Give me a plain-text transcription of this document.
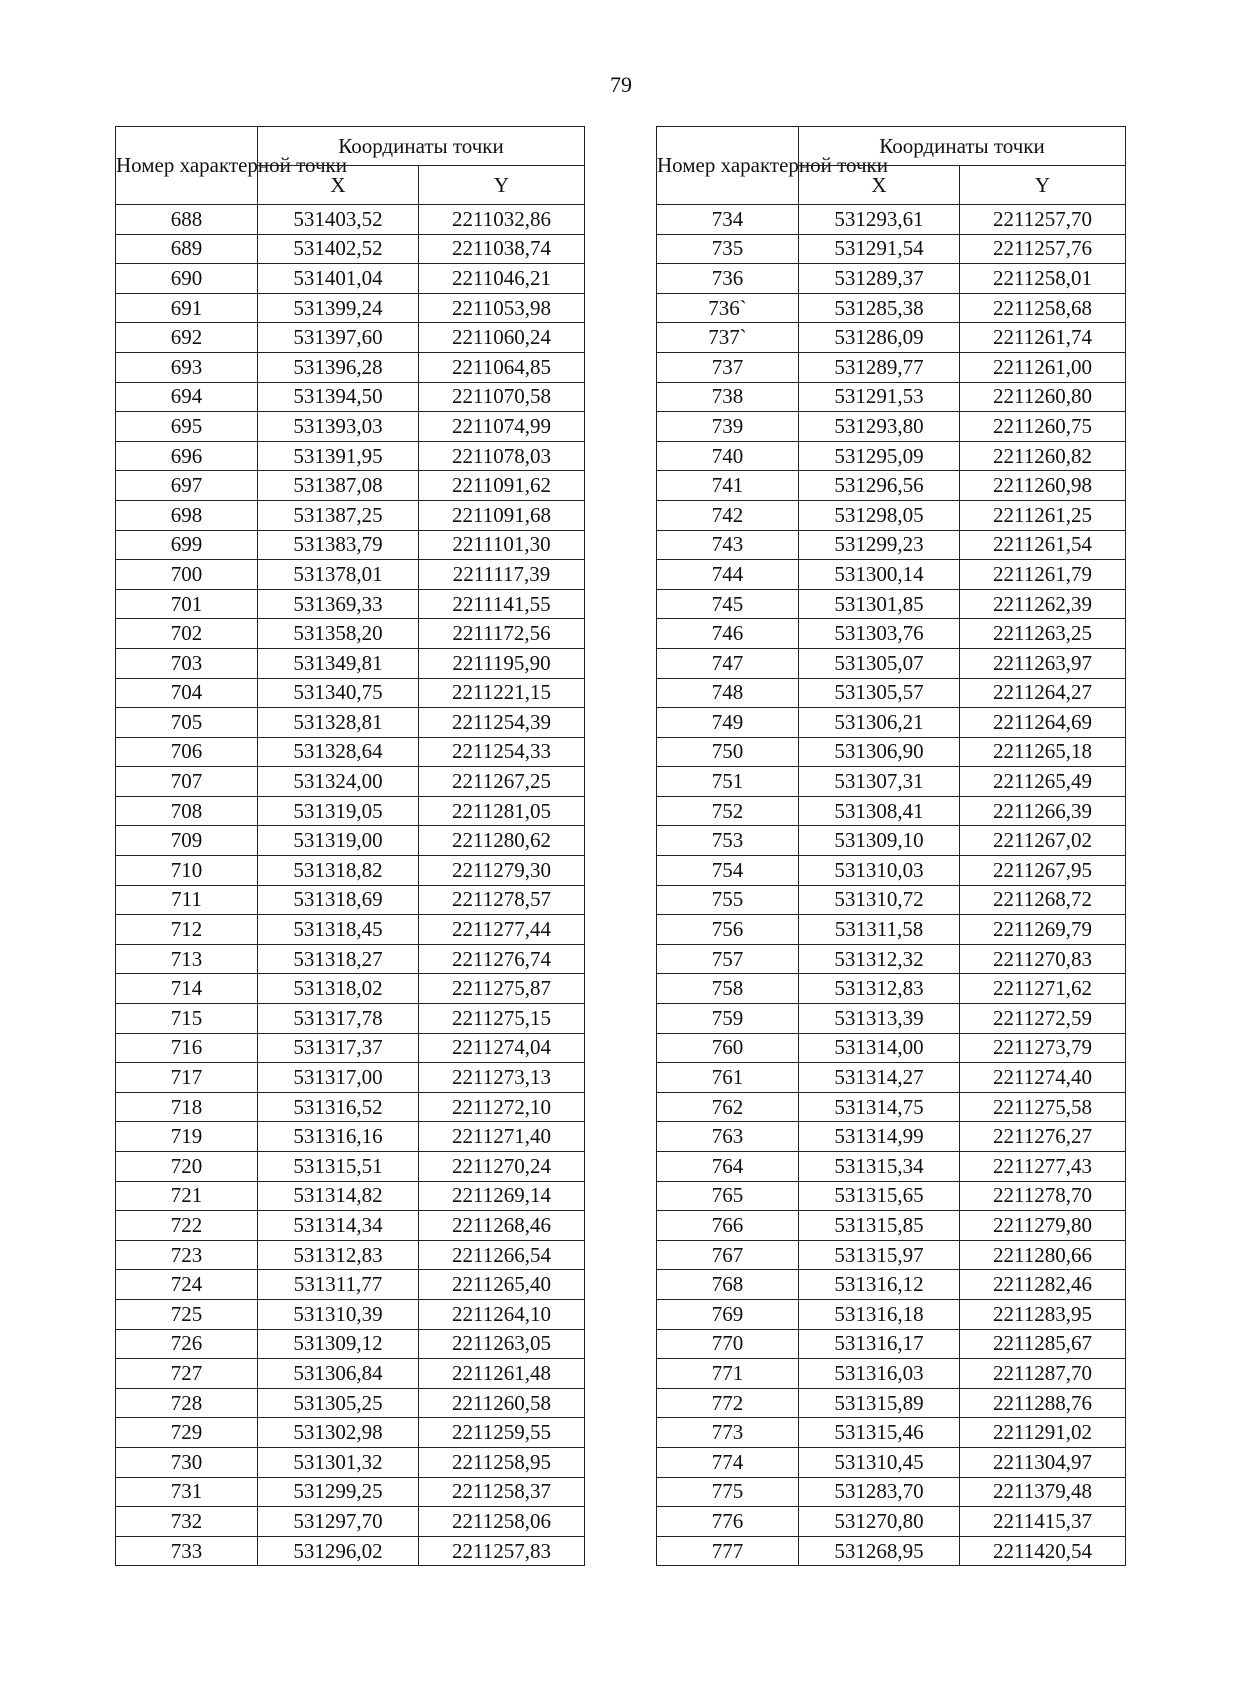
79
Номер характерной точки	Координаты точки	
	X	Y
688	531403,52	2211032,86
689	531402,52	2211038,74
690	531401,04	2211046,21
691	531399,24	2211053,98
692	531397,60	2211060,24
693	531396,28	2211064,85
694	531394,50	2211070,58
695	531393,03	2211074,99
696	531391,95	2211078,03
697	531387,08	2211091,62
698	531387,25	2211091,68
699	531383,79	2211101,30
700	531378,01	2211117,39
701	531369,33	2211141,55
702	531358,20	2211172,56
703	531349,81	2211195,90
704	531340,75	2211221,15
705	531328,81	2211254,39
706	531328,64	2211254,33
707	531324,00	2211267,25
708	531319,05	2211281,05
709	531319,00	2211280,62
710	531318,82	2211279,30
711	531318,69	2211278,57
712	531318,45	2211277,44
713	531318,27	2211276,74
714	531318,02	2211275,87
715	531317,78	2211275,15
716	531317,37	2211274,04
717	531317,00	2211273,13
718	531316,52	2211272,10
719	531316,16	2211271,40
720	531315,51	2211270,24
721	531314,82	2211269,14
722	531314,34	2211268,46
723	531312,83	2211266,54
724	531311,77	2211265,40
725	531310,39	2211264,10
726	531309,12	2211263,05
727	531306,84	2211261,48
728	531305,25	2211260,58
729	531302,98	2211259,55
730	531301,32	2211258,95
731	531299,25	2211258,37
732	531297,70	2211258,06
733	531296,02	2211257,83
Номер характерной точки	Координаты точки	
	X	Y
734	531293,61	2211257,70
735	531291,54	2211257,76
736	531289,37	2211258,01
736`	531285,38	2211258,68
737`	531286,09	2211261,74
737	531289,77	2211261,00
738	531291,53	2211260,80
739	531293,80	2211260,75
740	531295,09	2211260,82
741	531296,56	2211260,98
742	531298,05	2211261,25
743	531299,23	2211261,54
744	531300,14	2211261,79
745	531301,85	2211262,39
746	531303,76	2211263,25
747	531305,07	2211263,97
748	531305,57	2211264,27
749	531306,21	2211264,69
750	531306,90	2211265,18
751	531307,31	2211265,49
752	531308,41	2211266,39
753	531309,10	2211267,02
754	531310,03	2211267,95
755	531310,72	2211268,72
756	531311,58	2211269,79
757	531312,32	2211270,83
758	531312,83	2211271,62
759	531313,39	2211272,59
760	531314,00	2211273,79
761	531314,27	2211274,40
762	531314,75	2211275,58
763	531314,99	2211276,27
764	531315,34	2211277,43
765	531315,65	2211278,70
766	531315,85	2211279,80
767	531315,97	2211280,66
768	531316,12	2211282,46
769	531316,18	2211283,95
770	531316,17	2211285,67
771	531316,03	2211287,70
772	531315,89	2211288,76
773	531315,46	2211291,02
774	531310,45	2211304,97
775	531283,70	2211379,48
776	531270,80	2211415,37
777	531268,95	2211420,54
